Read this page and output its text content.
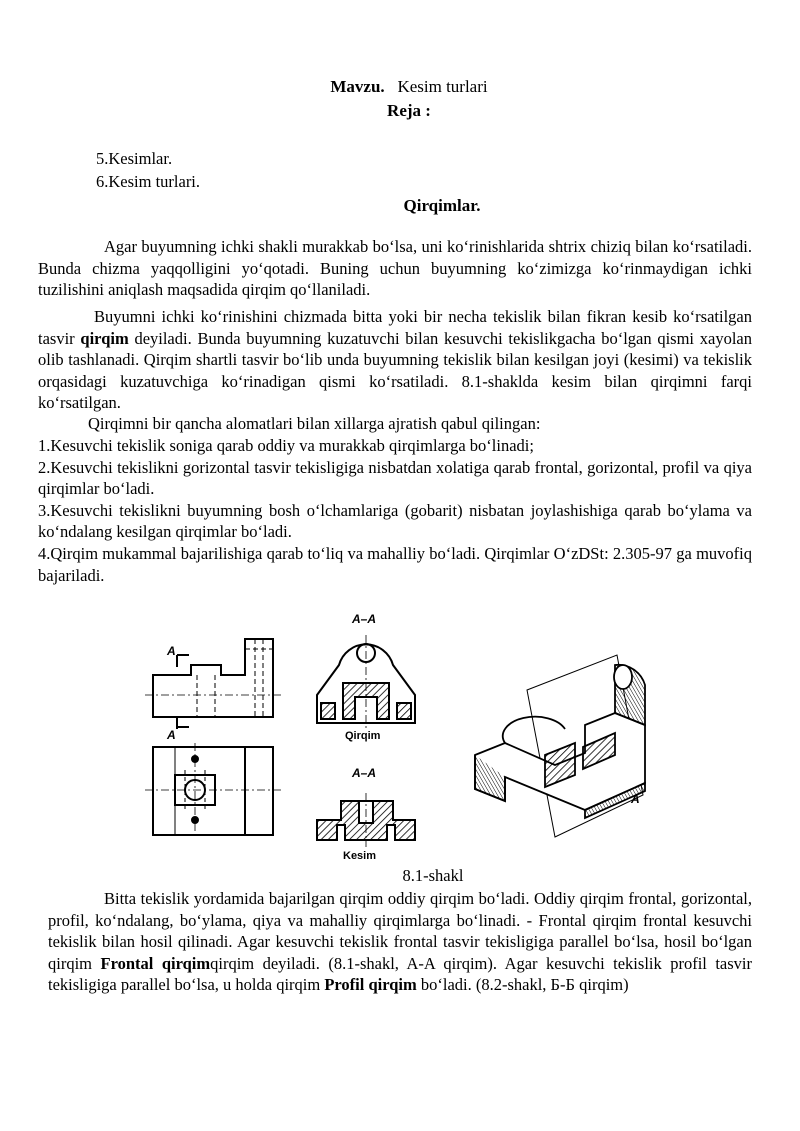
Mavzu. Kesim turlari
Reja :
5.Kesimlar.
6.Kesim turlari.
Qirqimlar.
Agar buyumning ichki shakli murakkab bo‘lsa, uni ko‘rinishlarida shtrix chiziq bilan ko‘rsatiladi. Bunda chizma yaqqolligini yo‘qotadi. Buning uchun buyumning ko‘zimizga ko‘rinmaydigan ichki tuzilishini aniqlash maqsadida qirqim qo‘llaniladi.
Buyumni ichki ko‘rinishini chizmada bitta yoki bir necha tekislik bilan fikran kesib ko‘rsatilgan tasvir qirqim deyiladi. Bunda buyumning kuzatuvchi bilan kesuvchi tekislikgacha bo‘lgan qismi xayolan olib tashlanadi. Qirqim shartli tasvir bo‘lib unda buyumning tekislik bilan kesilgan joyi (kesimi) va tekislik orqasidagi kuzatuvchiga ko‘rinadigan qismi ko‘rsatiladi. 8.1-shaklda kesim bilan qirqimni farqi ko‘rsatilgan.
Qirqimni bir qancha alomatlari bilan xillarga ajratish qabul qilingan:
1.Kesuvchi tekislik soniga qarab oddiy va murakkab qirqimlarga bo‘linadi;
2.Kesuvchi tekislikni gorizontal tasvir tekisligiga nisbatdan xolatiga qarab frontal, gorizontal, profil va qiya qirqimlar bo‘ladi.
3.Kesuvchi tekislikni buyumning bosh o‘lchamlariga (gobarit) nisbatan joylashishiga qarab bo‘ylama va ko‘ndalang kesilgan qirqimlar bo‘ladi.
4.Qirqim mukammal bajarilishiga qarab to‘liq va mahalliy bo‘ladi. Qirqimlar O‘zDSt: 2.305-97 ga muvofiq bajariladi.
A
A
A–A
Qirqim
A–A
Kesim
A
8.1-shakl
Bitta tekislik yordamida bajarilgan qirqim oddiy qirqim bo‘ladi. Oddiy qirqim frontal, gorizontal, profil, ko‘ndalang, bo‘ylama, qiya va mahalliy qirqimlarga bo‘linadi. - Frontal qirqim frontal kesuvchi tekislik bilan hosil qilinadi. Agar kesuvchi tekislik frontal tasvir tekisligiga parallel bo‘lsa, hosil bo‘lgan qirqim Frontal qirqimqirqim deyiladi. (8.1-shakl, A-A qirqim). Agar kesuvchi tekislik profil tasvir tekisligiga parallel bo‘lsa, u holda qirqim Profil qirqim bo‘ladi. (8.2-shakl, Б-Б qirqim)
